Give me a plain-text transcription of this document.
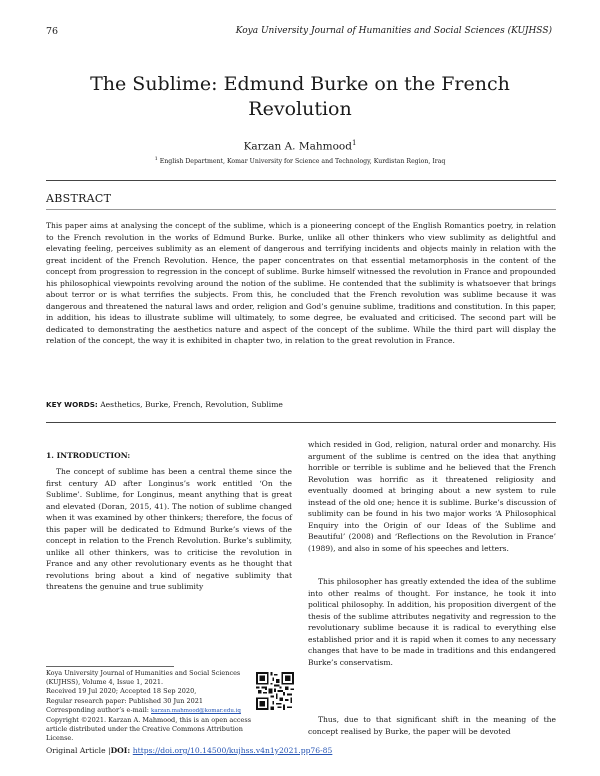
76	Koya University Journal of Humanities and Social Sciences (KUJHSS)
The Sublime: Edmund Burke on the French
Revolution
Karzan A. Mahmood$^1$
$^1$ English Department, Komar University for Science and Technology, Kurdistan Region, Iraq
ABSTRACT

This paper aims at analysing the concept of the sublime, which is a pioneering concept of the English Romantics poetry, in relation to the French revolution in the works of Edmund Burke. Burke, unlike all other thinkers who view sublimity as delightful and elevating feeling, perceives sublimity as an element of dangerous and terrifying incidents and objects mainly in relation with the great incident of the French Revolution. Hence, the paper concentrates on that essential metamorphosis in the content of the concept from progression to regression in the concept of sublime. Burke himself witnessed the revolution in France and propounded his philosophical viewpoints revolving around the notion of the sublime. He contended that the sublimity is whatsoever that brings about terror or is what terrifies the subjects. From this, he concluded that the French revolution was sublime because it was dangerous and threatened the natural laws and order, religion and God’s genuine sublime, traditions and constitution. In this paper, in addition, his ideas to illustrate sublime will ultimately, to some degree, be evaluated and criticised. The second part will be dedicated to demonstrating the aesthetics nature and aspect of the concept of the sublime. While the third part will display the relation of the concept, the way it is exhibited in chapter two, in relation to the great revolution in France.

KEY WORDS: Aesthetics, Burke, French, Revolution, Sublime
1. INTRODUCTION:

The concept of sublime has been a central theme since the first century AD after Longinus’s work entitled ‘On the Sublime’. Sublime, for Longinus, meant anything that is great and elevated (Doran, 2015, 41). The notion of sublime changed when it was examined by other thinkers; therefore, the focus of this paper will be dedicated to Edmund Burke’s views of the concept in relation to the French Revolution. Burke’s sublimity, unlike all other thinkers, was to criticise the revolution in France and any other revolutionary events as he thought that revolutions bring about a kind of negative sublimity that threatens the genuine and true sublimity

which resided in God, religion, natural order and monarchy. His argument of the sublime is centred on the idea that anything horrible or terrible is sublime and he believed that the French Revolution was horrific as it threatened religiosity and eventually doomed at bringing about a new system to rule instead of the old one; hence it is sublime. Burke’s discussion of sublimity can be found in his two major works ‘A Philosophical Enquiry into the Origin of our Ideas of the Sublime and Beautiful’ (2008) and ‘Reflections on the Revolution in France’ (1989), and also in some of his speeches and letters.

This philosopher has greatly extended the idea of the sublime into other realms of thought. For instance, he took it into political philosophy. In addition, his proposition divergent of the thesis of the sublime attributes negativity and regression to the revolutionary sublime because it is radical to everything else established prior and it is rapid when it comes to any necessary changes that have to be made in traditions and this endangered Burke’s conservatism.

Thus, due to that significant shift in the meaning of the concept realised by Burke, the paper will be devoted

Koya University Journal of Humanities and Social Sciences
(KUJHSS), Volume 4, Issue 1, 2021.
Received 19 Jul 2020; Accepted 18 Sep 2020,
Regular research paper: Published 30 Jun 2021
Corresponding author’s e-mail: karzan.mahmood@komar.edu.iq
Copyright ©2021. Karzan A. Mahmood, this is an open access
article distributed under the Creative Commons Attribution
License.
Original Article |DOI: https://doi.org/10.14500/kujhss.v4n1y2021.pp76-85
